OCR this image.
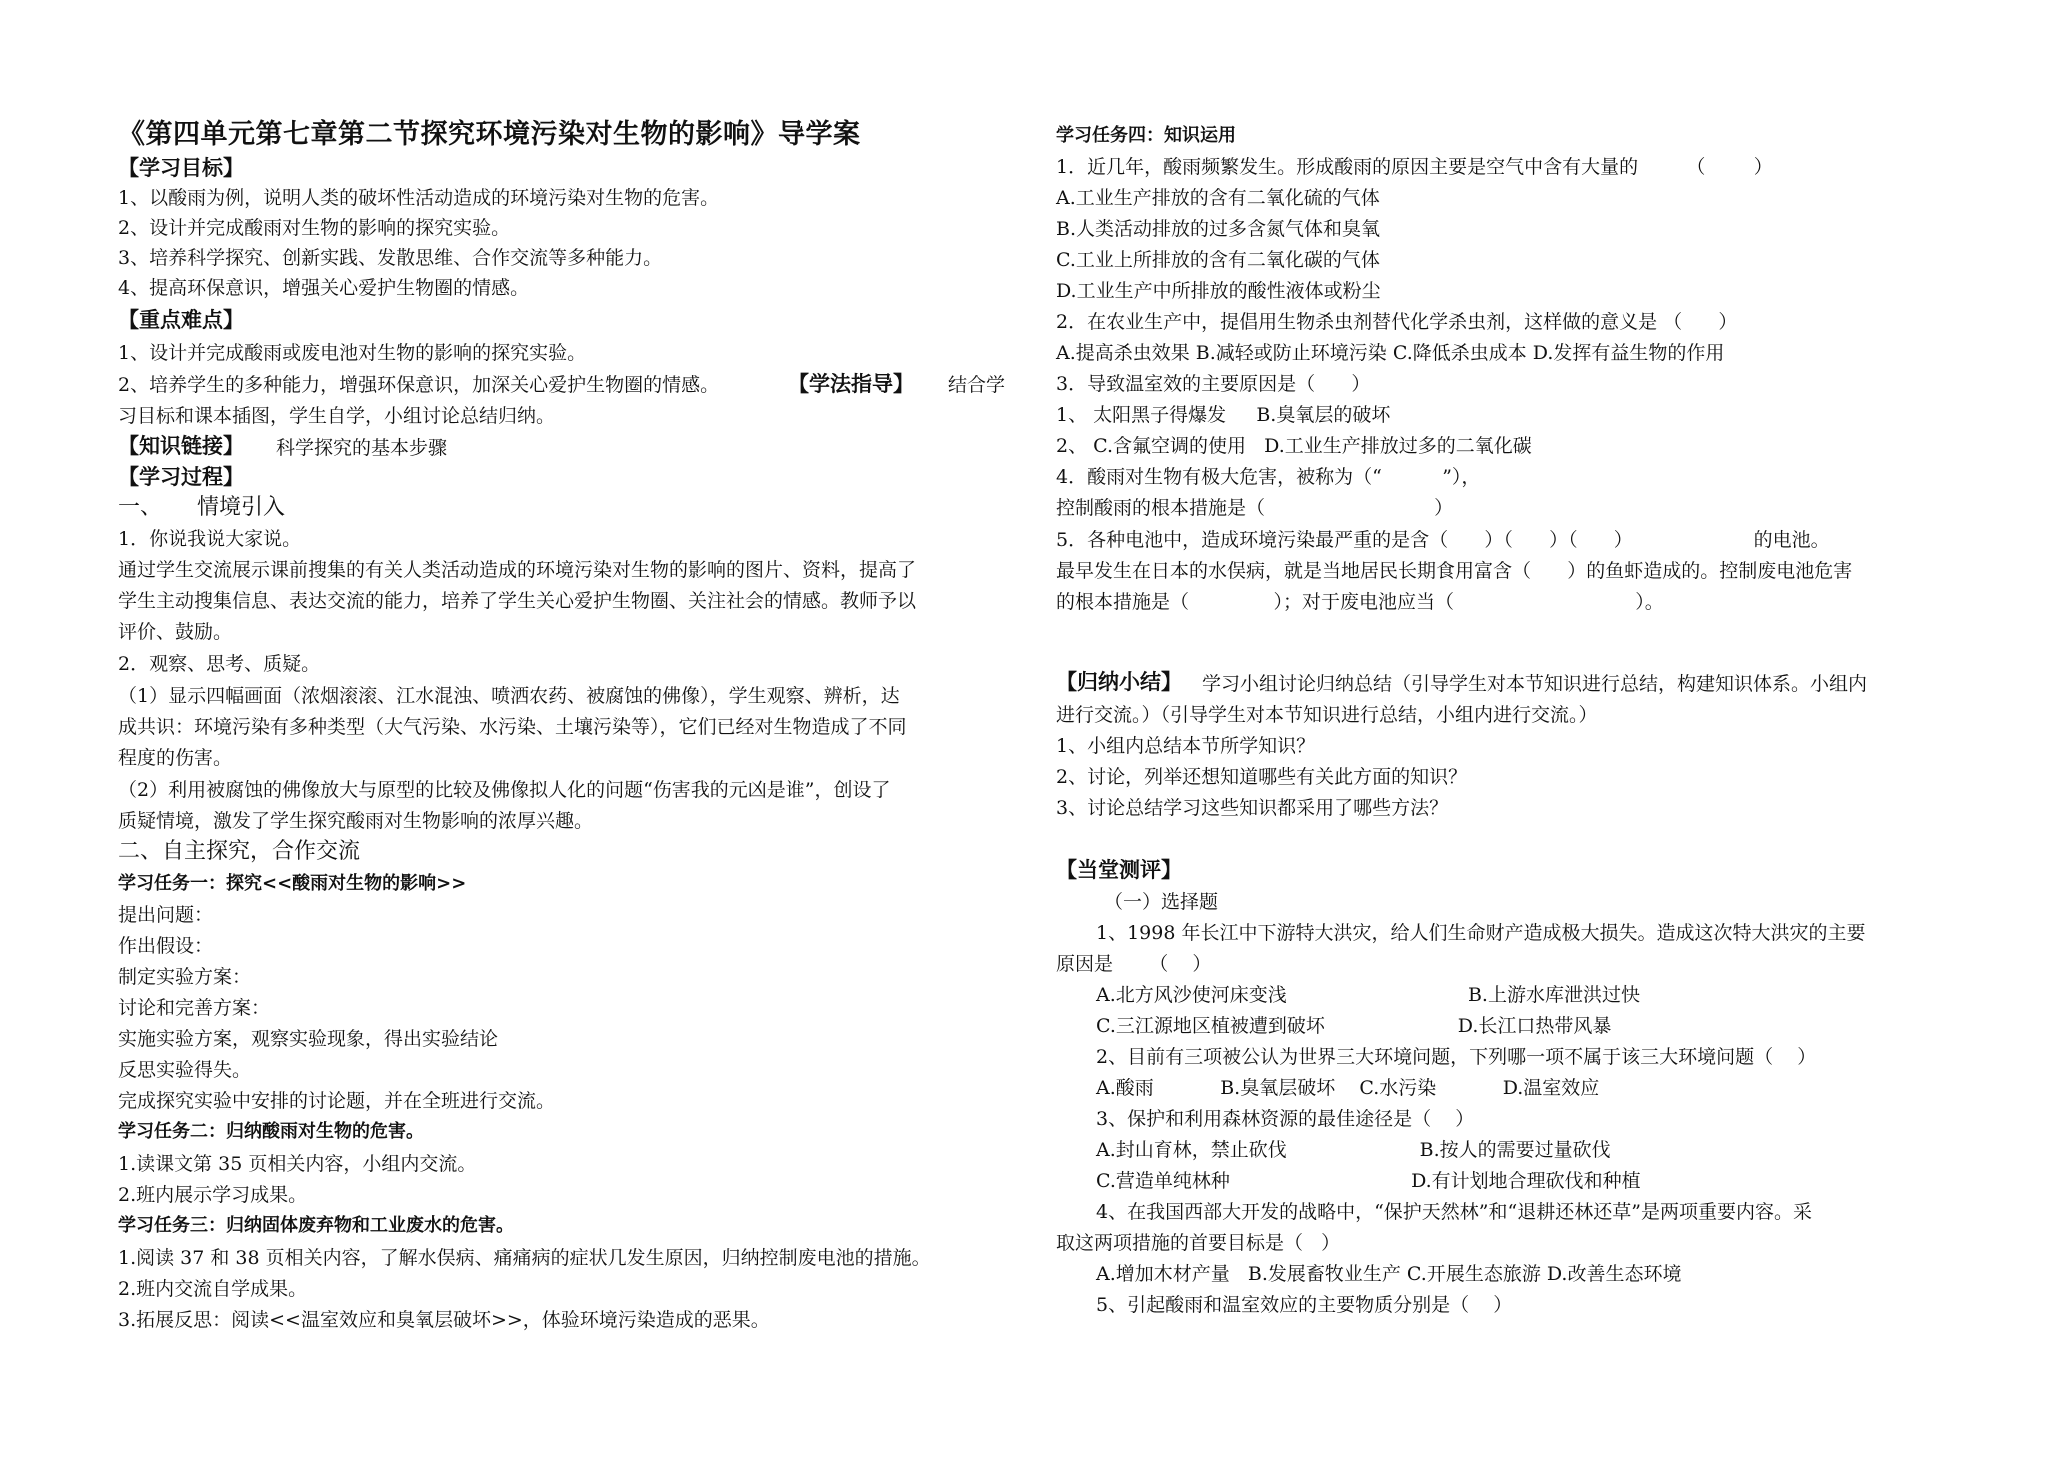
《第四单元第七章第二节探究环境污染对生物的影响》导学案
【学习目标】
1、以酸雨为例，说明人类的破坏性活动造成的环境污染对生物的危害。
2、设计并完成酸雨对生物的影响的探究实验。
3、培养科学探究、创新实践、发散思维、合作交流等多种能力。
4、提高环保意识，增强关心爱护生物圈的情感。
【重点难点】
1、设计并完成酸雨或废电池对生物的影响的探究实验。
2、培养学生的多种能力，增强环保意识，加深关心爱护生物圈的情感。	【学法指导】 结合学
习目标和课本插图，学生自学，小组讨论总结归纳。
【知识链接】 科学探究的基本步骤
【学习过程】
一、     情境引入
1．你说我说大家说。
通过学生交流展示课前搜集的有关人类活动造成的环境污染对生物的影响的图片、资料，提高了
学生主动搜集信息、表达交流的能力，培养了学生关心爱护生物圈、关注社会的情感。教师予以
评价、鼓励。
2．观察、思考、质疑。
（1）显示四幅画面（浓烟滚滚、江水混浊、喷洒农药、被腐蚀的佛像），学生观察、辨析，达
成共识：环境污染有多种类型（大气污染、水污染、土壤污染等），它们已经对生物造成了不同
程度的伤害。
（2）利用被腐蚀的佛像放大与原型的比较及佛像拟人化的问题“伤害我的元凶是谁”，创设了
质疑情境，激发了学生探究酸雨对生物影响的浓厚兴趣。
二、自主探究，合作交流
学习任务一：探究<<酸雨对生物的影响>>
提出问题：
作出假设：
制定实验方案：
讨论和完善方案：
实施实验方案，观察实验现象，得出实验结论
反思实验得失。
完成探究实验中安排的讨论题，并在全班进行交流。
学习任务二：归纳酸雨对生物的危害。
1.读课文第 35 页相关内容，小组内交流。
2.班内展示学习成果。
学习任务三：归纳固体废弃物和工业废水的危害。
1.阅读 37 和 38 页相关内容，了解水俣病、痛痛病的症状几发生原因，归纳控制废电池的措施。
2.班内交流自学成果。
3.拓展反思：阅读<<温室效应和臭氧层破坏>>，体验环境污染造成的恶果。
学习任务四：知识运用
1．近几年，酸雨频繁发生。形成酸雨的原因主要是空气中含有大量的        （        ）
A.工业生产排放的含有二氧化硫的气体
B.人类活动排放的过多含氮气体和臭氧
C.工业上所排放的含有二氧化碳的气体
D.工业生产中所排放的酸性液体或粉尘
2．在农业生产中，提倡用生物杀虫剂替代化学杀虫剂，这样做的意义是 （      ）
A.提高杀虫效果 B.减轻或防止环境污染 C.降低杀虫成本 D.发挥有益生物的作用
3．导致温室效的主要原因是（      ）
1、 太阳黑子得爆发     B.臭氧层的破坏
2、 C.含氟空调的使用   D.工业生产排放过多的二氧化碳
4．酸雨对生物有极大危害，被称为（“          ”），
控制酸雨的根本措施是（                            ）
5．各种电池中，造成环境污染最严重的是含（      ）（      ）（      ）                    的电池。
最早发生在日本的水俣病，就是当地居民长期食用富含（      ）的鱼虾造成的。控制废电池危害
的根本措施是（              ）；对于废电池应当（                              ）。
【归纳小结】 学习小组讨论归纳总结（引导学生对本节知识进行总结，构建知识体系。小组内
进行交流。）（引导学生对本节知识进行总结，小组内进行交流。）
1、小组内总结本节所学知识？
2、讨论，列举还想知道哪些有关此方面的知识？
3、讨论总结学习这些知识都采用了哪些方法？
【当堂测评】
（一）选择题
1、1998 年长江中下游特大洪灾，给人们生命财产造成极大损失。造成这次特大洪灾的主要
原因是      （    ）
A.北方风沙使河床变浅                              B.上游水库泄洪过快
C.三江源地区植被遭到破坏                      D.长江口热带风暴
2、目前有三项被公认为世界三大环境问题，下列哪一项不属于该三大环境问题（    ）
A.酸雨           B.臭氧层破坏    C.水污染           D.温室效应
3、保护和利用森林资源的最佳途径是（    ）
A.封山育林，禁止砍伐                      B.按人的需要过量砍伐
C.营造单纯林种                              D.有计划地合理砍伐和种植
4、在我国西部大开发的战略中，“保护天然林”和“退耕还林还草”是两项重要内容。采
取这两项措施的首要目标是（   ）
A.增加木材产量   B.发展畜牧业生产 C.开展生态旅游 D.改善生态环境
5、引起酸雨和温室效应的主要物质分别是（    ）
